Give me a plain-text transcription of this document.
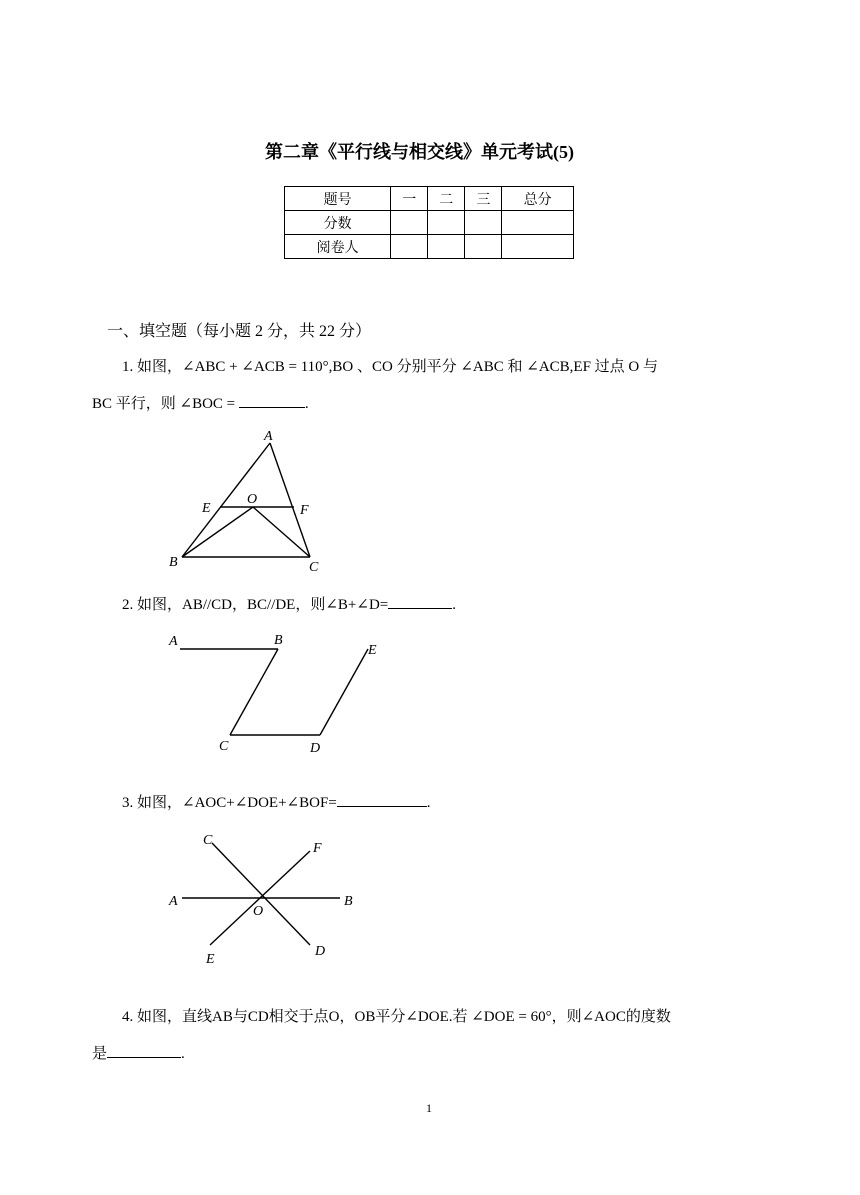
第二章《平行线与相交线》单元考试(5)
题号	一	二	三	总分
分数				
阅卷人				
一、填空题（每小题 2 分，共 22 分）
1. 如图，∠ABC + ∠ACB = 110°,BO 、CO 分别平分 ∠ABC 和 ∠ACB,EF 过点 O 与
BC 平行，则 ∠BOC =	.
A
E
O
F
B	C
2. 如图，AB//CD，BC//DE，则∠B+∠D=	.
A	B
C	D
E
3. 如图，∠AOC+∠DOE+∠BOF=	.
A	B
C
D
E
F
O
4. 如图，直线AB与CD相交于点O，OB平分∠DOE.若 ∠DOE = 60°，则∠AOC的度数
是	.
1
